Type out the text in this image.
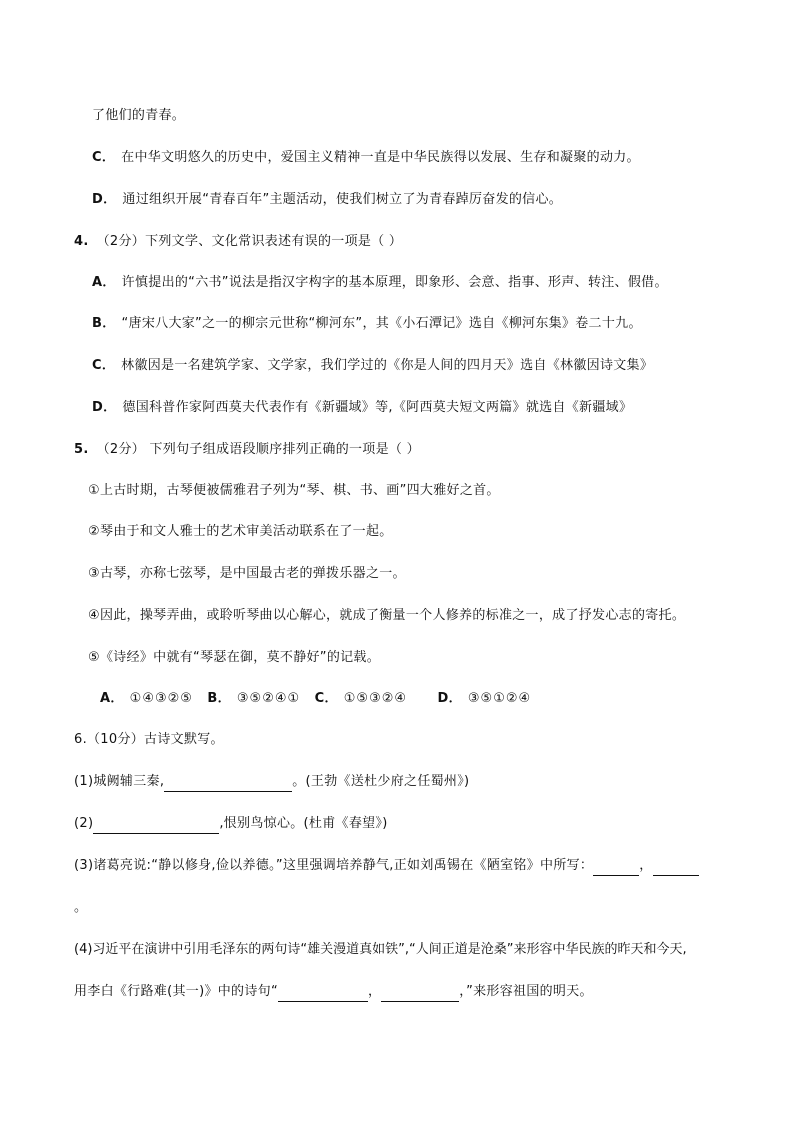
了他们的青春。
C． 在中华文明悠久的历史中，爱国主义精神一直是中华民族得以发展、生存和凝聚的动力。
D． 通过组织开展“青春百年”主题活动，使我们树立了为青春踔厉奋发的信心。
4. （2分）下列文学、文化常识表述有误的一项是（ ）
A． 许慎提出的“六书”说法是指汉字构字的基本原理，即象形、会意、指事、形声、转注、假借。
B． “唐宋八大家”之一的柳宗元世称“柳河东”，其《小石潭记》选自《柳河东集》卷二十九。
C． 林徽因是一名建筑学家、文学家，我们学过的《你是人间的四月天》选自《林徽因诗文集》
D． 德国科普作家阿西莫夫代表作有《新疆域》等,《阿西莫夫短文两篇》就选自《新疆域》
5. （2分） 下列句子组成语段顺序排列正确的一项是（ ）
①上古时期，古琴便被儒雅君子列为“琴、棋、书、画”四大雅好之首。
②琴由于和文人雅士的艺术审美活动联系在了一起。
③古琴，亦称七弦琴，是中国最古老的弹拨乐器之一。
④因此，操琴弄曲，或聆听琴曲以心解心，就成了衡量一个人修养的标准之一，成了抒发心志的寄托。
⑤《诗经》中就有“琴瑟在御，莫不静好”的记载。
A． ①④③②⑤ B． ③⑤②④① C． ①⑤③②④ D． ③⑤①②④
6.（10分）古诗文默写。
(1)城阙辅三秦,	。(王勃《送杜少府之任蜀州》)
(2)	,恨别鸟惊心。(杜甫《春望》)
(3)诸葛亮说:“静以修身,俭以养德。”这里强调培养静气,正如刘禹锡在《陋室铭》中所写：	，
。
(4)习近平在演讲中引用毛泽东的两句诗“雄关漫道真如铁”,“人间正道是沧桑”来形容中华民族的昨天和今天,
用李白《行路难(其一)》中的诗句“	，	，”来形容祖国的明天。
